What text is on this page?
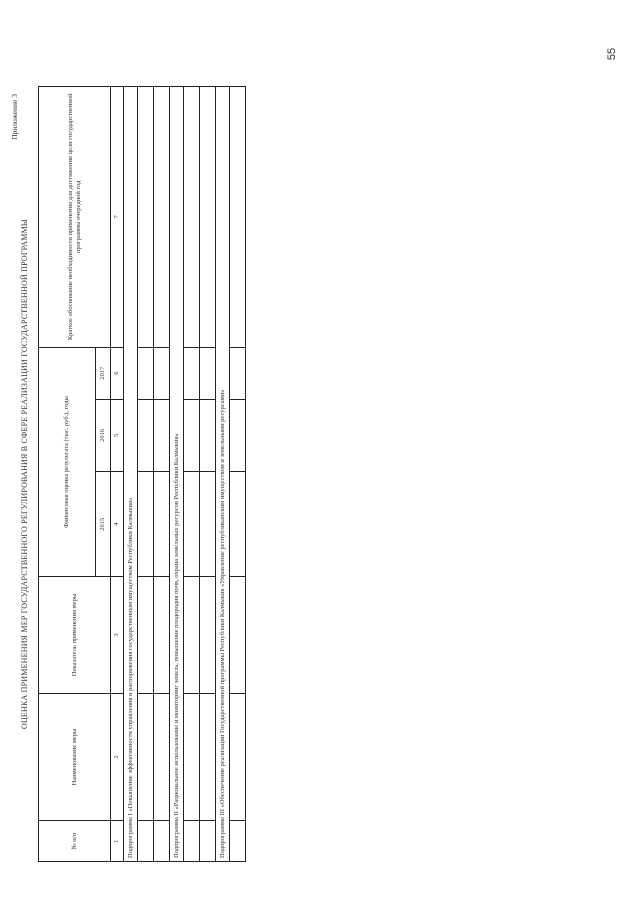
55
Приложение 3
ОЦЕНКА ПРИМЕНЕНИЯ МЕР ГОСУДАРСТВЕННОГО РЕГУЛИРОВАНИЯ В СФЕРЕ РЕАЛИЗАЦИИ ГОСУДАРСТВЕННОЙ ПРОГРАММЫ
№ п/п	Наименование меры	Показатель применения меры	Финансовая оценка результата (тыс. руб.), годы			Краткое обоснование необходимости применения для достижения цели государственной программы очередной год
			2015	2016	2017	
1	2	3	4	5	6	7
Подпрограмма I «Повышение эффективности управления и распоряжения государственным имуществом Республики Калмыкия»						

Подпрограмма II «Рациональное использование и мониторинг земель, повышение плодородия почв, охрана земельных ресурсов Республики Калмыкия»						

Подпрограмма III «Обеспечение реализации Государственной программы Республики Калмыкия «Управление республиканским имуществом и земельными ресурсами»						
